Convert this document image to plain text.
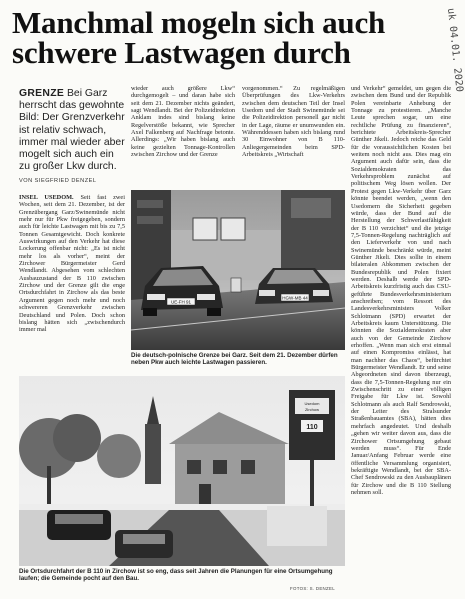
Manchmal mogeln sich auch schwere Lastwagen durch	uk 04.01. 2020
GRENZE Bei Garz herrscht das gewohnte Bild: Der Grenzverkehr ist relativ schwach, immer mal wieder aber mogelt sich auch ein zu großer Lkw durch.
VON SIEGFRIED DENZEL

INSEL USEDOM. Seit fast zwei Wochen, seit dem 21. Dezember, ist der Grenzübergang Garz/Swinemünde nicht mehr nur für Pkw freigegeben, sondern auch für leichte Lastwagen mit bis zu 7,5 Tonnen Gesamtgewicht. Doch konkrete Auswirkungen auf den Verkehr hat diese Lockerung offenbar nicht: „Es ist nicht mehr los als vorher“, meint der Zirchower Bürgermeister Gerd Wendlandt. Abgesehen vom schlechten Ausbauzustand der B 110 zwischen Zirchow und der Grenze gilt die enge Ortsdurchfahrt in Zirchow als das beste Argument gegen noch mehr und noch schwereren Grenzverkehr zwischen Deutschland und Polen. Doch schon bislang hätten sich „zwischendurch immer mal

wieder auch größere Lkw“ durchgemogelt – und daran habe sich seit dem 21. Dezember nichts geändert, sagt Wendlandt. Bei der Polizeidirektion Anklam indes sind bislang keine Regelverstöße bekannt, wie Sprecher Axel Falkenberg auf Nachfrage betonte. Allerdings: „Wir haben bislang auch keine gezielten Tonnage-Kontrollen zwischen Zirchow und der Grenze

vorgenommen.“ Zu regelmäßigen Überprüfungen des Lkw-Verkehrs zwischen dem deutschen Teil der Insel Usedom und der Stadt Swinemünde sei die Polizeidirektion personell gar nicht in der Lage, räume er unumwunden ein. Währenddessen haben sich bislang rund 30 Einwohner von B 110-Anliegergemeinden beim SPD-Arbeitskreis „Wirtschaft

und Verkehr“ gemeldet, um gegen die zwischen dem Bund und der Republik Polen vereinbarte Anhebung der Tonnage zu protestieren. „Manche Leute sprechen sogar, um eine rechtliche Prüfung zu finanzieren“, berichtete Arbeitskreis-Sprecher Günther Jikeli. Jedoch reiche das Geld für die voraussichtlichen Kosten bei weitem noch nicht aus. Dies mag ein Argument auch dafür sein, dass die Sozialdemokraten das Verkehrsproblem zunächst auf politischem Weg lösen wollen. Der Protest gegen Lkw-Verkehr über Garz könnte beendet werden, „wenn den Usedomern die Sicherheit gegeben würde, dass der Bund auf die Herstellung der Schwerlastfähigkeit der B 110 verzichtet“ und die jetzige 7,5-Tonnen-Regelung nachträglich auf den Lieferverkehr von und nach Swinemünde beschränkt würde, meint Günther Jikeli. Dies sollte in einem bilateralen Abkommen zwischen der Bundesrepublik und Polen fixiert werden. Deshalb werde der SPD-Arbeitskreis kurzfristig auch das CSU-geführte Bundesverkehrsministerium anschreiben; vom Ressort des Landesverkehrsministers Volker Schlotmann (SPD) erwartet der Arbeitskreis kaum Unterstützung. Die könnten die Sozialdemokraten aber auch von der Gemeinde Zirchow erhoffen. „Wenn man sich erst einmal auf einen Kompromiss einlässt, hat man nachher das Chaos“, befürchtet Bürgermeister Wendlandt. Er und seine Abgeordneten sind davon überzeugt, dass die 7,5-Tonnen-Regelung nur ein Zwischenschritt zu einer völligen Freigabe für Lkw ist. Sowohl Schlotmann als auch Ralf Sendrowski, der Leiter des Stralsunder Straßenbauamtes (SBA), hätten dies mehrfach angedeutet. Und deshalb „gehen wir weiter davon aus, dass die Zirchower Ortsumgehung gebaut werden muss“. Für Ende Januar/Anfang Februar werde eine öffentliche Versammlung organisiert, bekräftigte Wendlandt, bei der SBA-Chef Sendrowski zu den Ausbauplänen für Zirchow und die B 110 Stellung nehmen soll.

UE-FH 91
HGW-MB 44
Die deutsch-polnische Grenze bei Garz. Seit dem 21. Dezember dürfen neben Pkw auch leichte Lastwagen passieren.
Usedom
Zirchow
110
Die Ortsdurchfahrt der B 110 in Zirchow ist so eng, dass seit Jahren die Planungen für eine Ortsumgehung laufen; die Gemeinde pocht auf den Bau.
FOTOS: S. DENZEL
